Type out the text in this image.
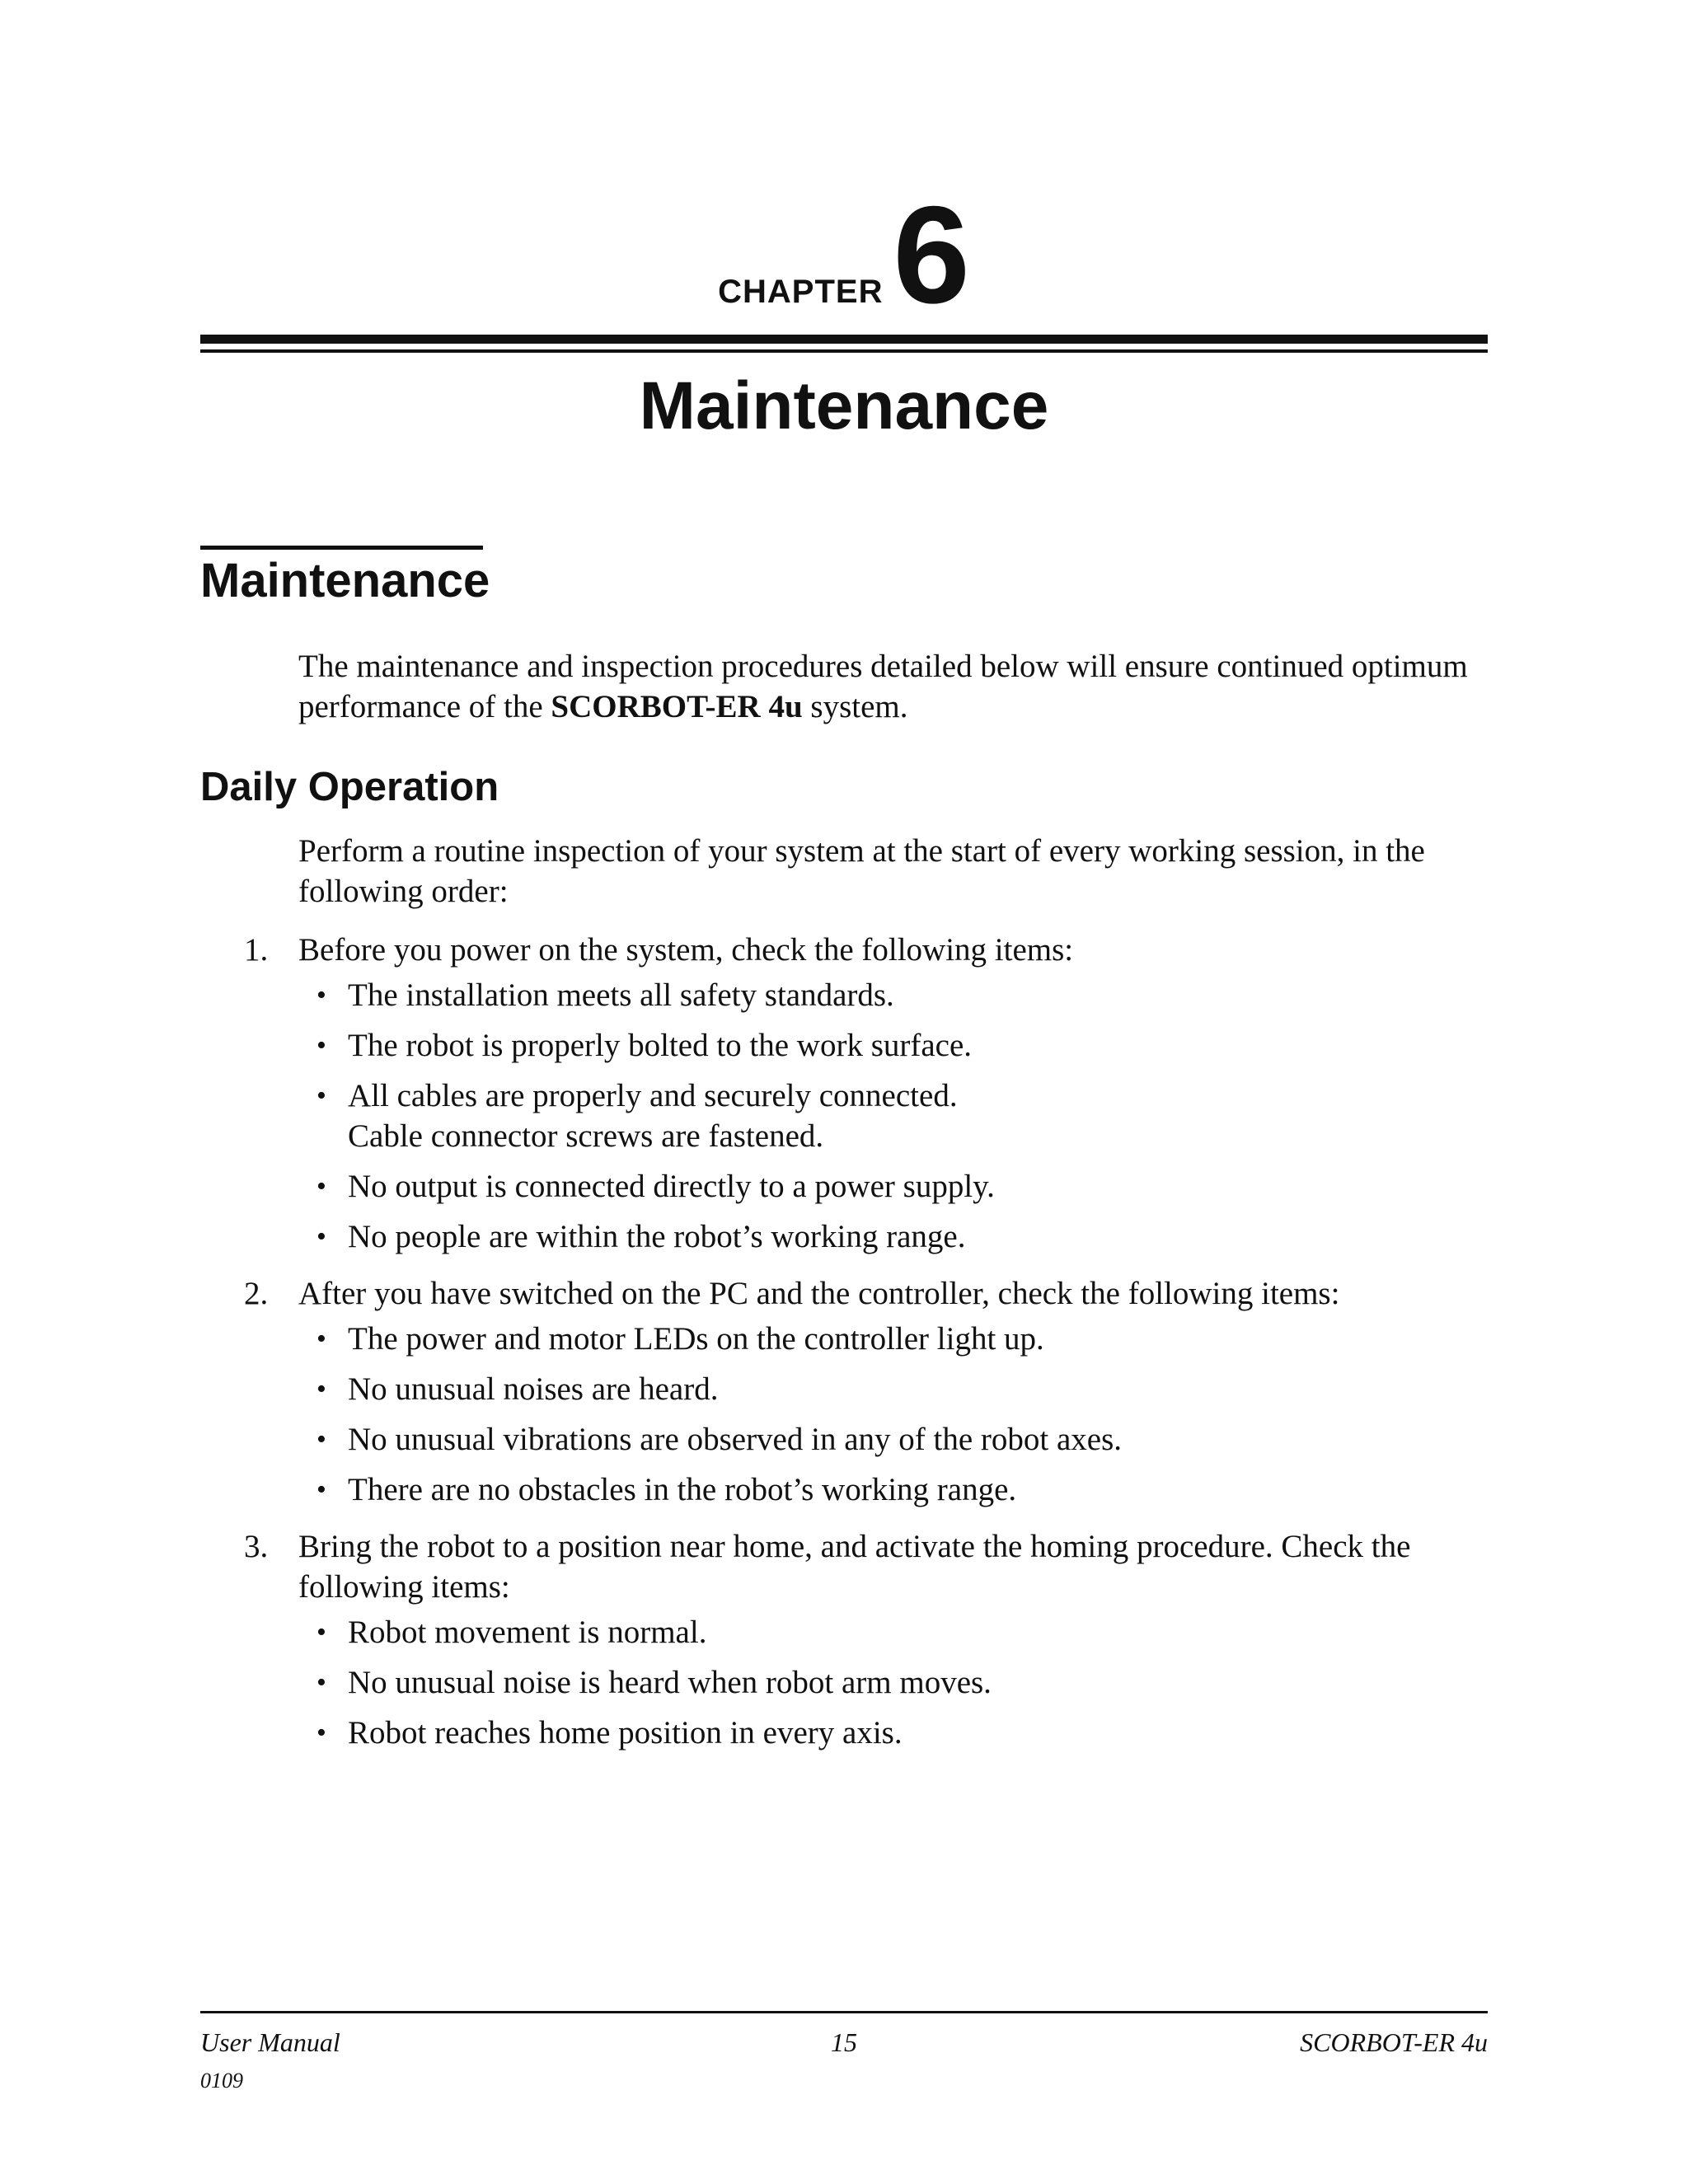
CHAPTER6
Maintenance
Maintenance

The maintenance and inspection procedures detailed below will ensure continued optimum performance of the SCORBOT-ER 4u system.

Daily Operation

Perform a routine inspection of your system at the start of every working session, in the following order:

1. Before you power on the system, check the following items:
• The installation meets all safety standards.
• The robot is properly bolted to the work surface.
• All cables are properly and securely connected.
Cable connector screws are fastened.
• No output is connected directly to a power supply.
• No people are within the robot’s working range.
2. After you have switched on the PC and the controller, check the following items:
• The power and motor LEDs on the controller light up.
• No unusual noises are heard.
• No unusual vibrations are observed in any of the robot axes.
• There are no obstacles in the robot’s working range.
3. Bring the robot to a position near home, and activate the homing procedure. Check the following items:
• Robot movement is normal.
• No unusual noise is heard when robot arm moves.
• Robot reaches home position in every axis.
User Manual	15	SCORBOT-ER 4u
0109
